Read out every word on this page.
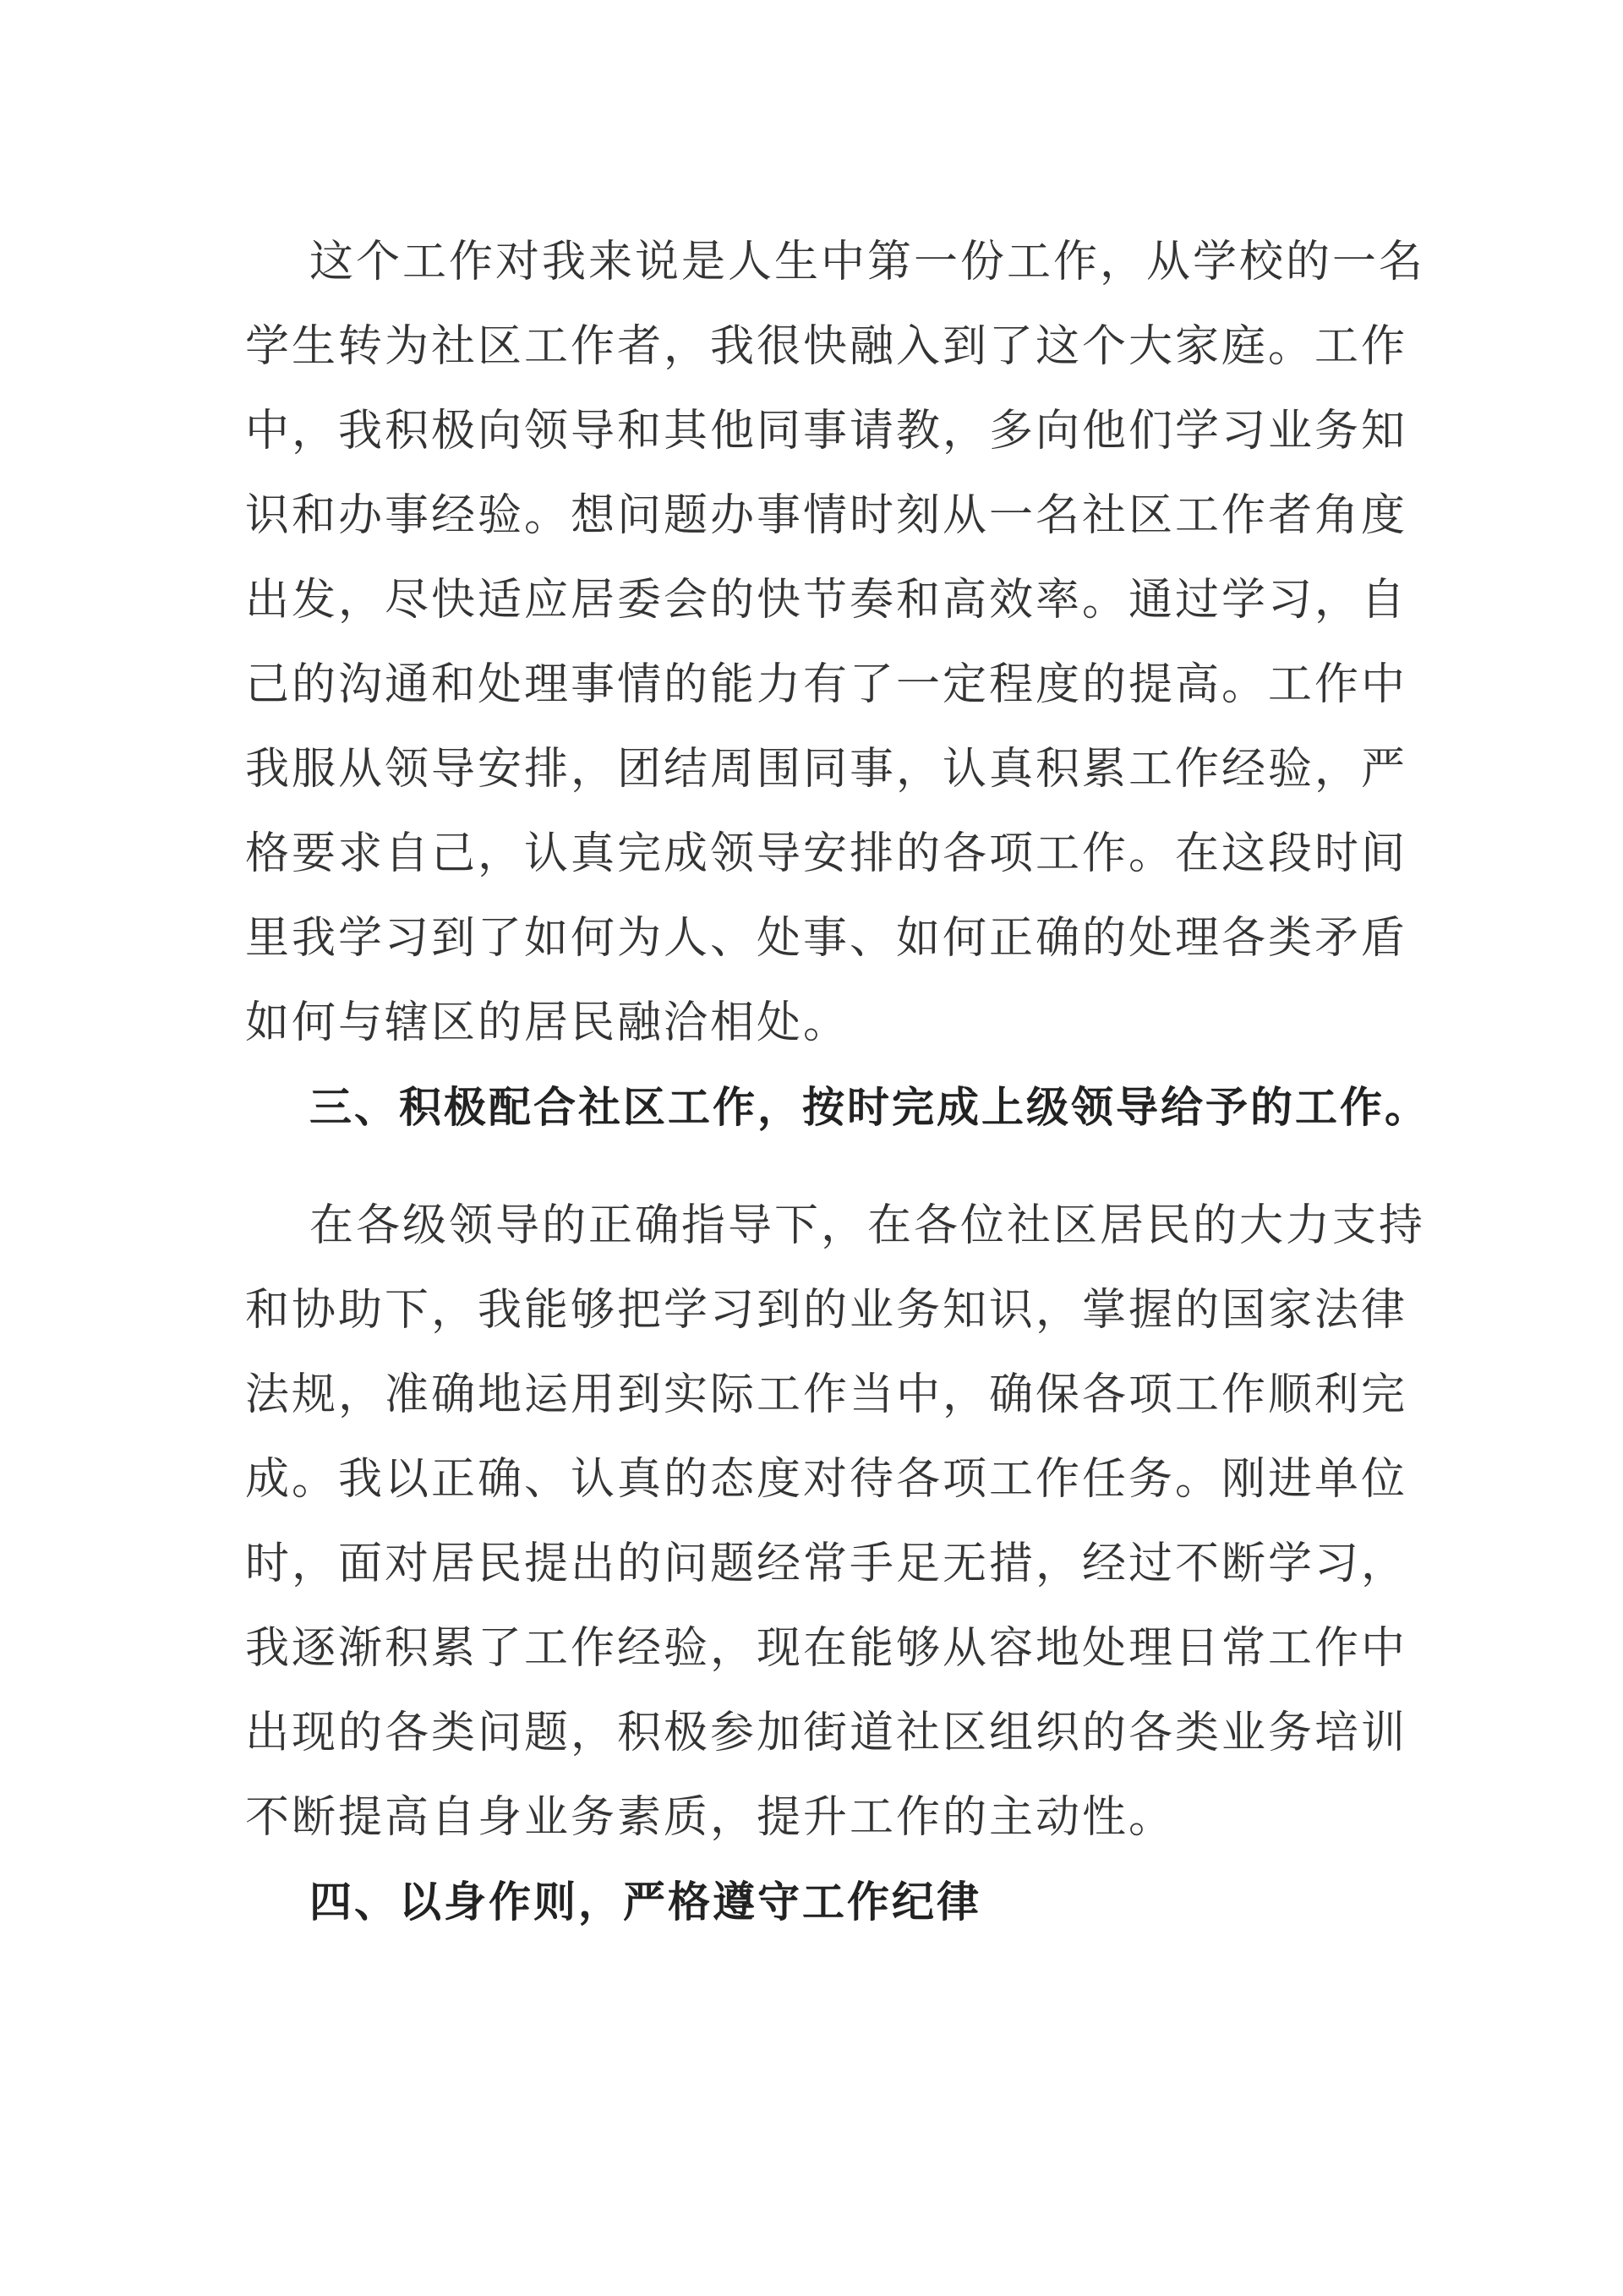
这个工作对我来说是人生中第一份工作，从学校的一名
学生转为社区工作者，我很快融入到了这个大家庭。工作
中，我积极向领导和其他同事请教，多向他们学习业务知
识和办事经验。想问题办事情时刻从一名社区工作者角度
出发，尽快适应居委会的快节奏和高效率。通过学习，自
己的沟通和处理事情的能力有了一定程度的提高。工作中
我服从领导安排，团结周围同事，认真积累工作经验，严
格要求自己，认真完成领导安排的各项工作。在这段时间
里我学习到了如何为人、处事、如何正确的处理各类矛盾
如何与辖区的居民融洽相处。
三、积极配合社区工作，按时完成上级领导给予的工作。
在各级领导的正确指导下，在各位社区居民的大力支持
和协助下，我能够把学习到的业务知识，掌握的国家法律
法规，准确地运用到实际工作当中，确保各项工作顺利完
成。我以正确、认真的态度对待各项工作任务。刚进单位
时，面对居民提出的问题经常手足无措，经过不断学习，
我逐渐积累了工作经验，现在能够从容地处理日常工作中
出现的各类问题，积极参加街道社区组织的各类业务培训
不断提高自身业务素质，提升工作的主动性。
四、以身作则，严格遵守工作纪律
